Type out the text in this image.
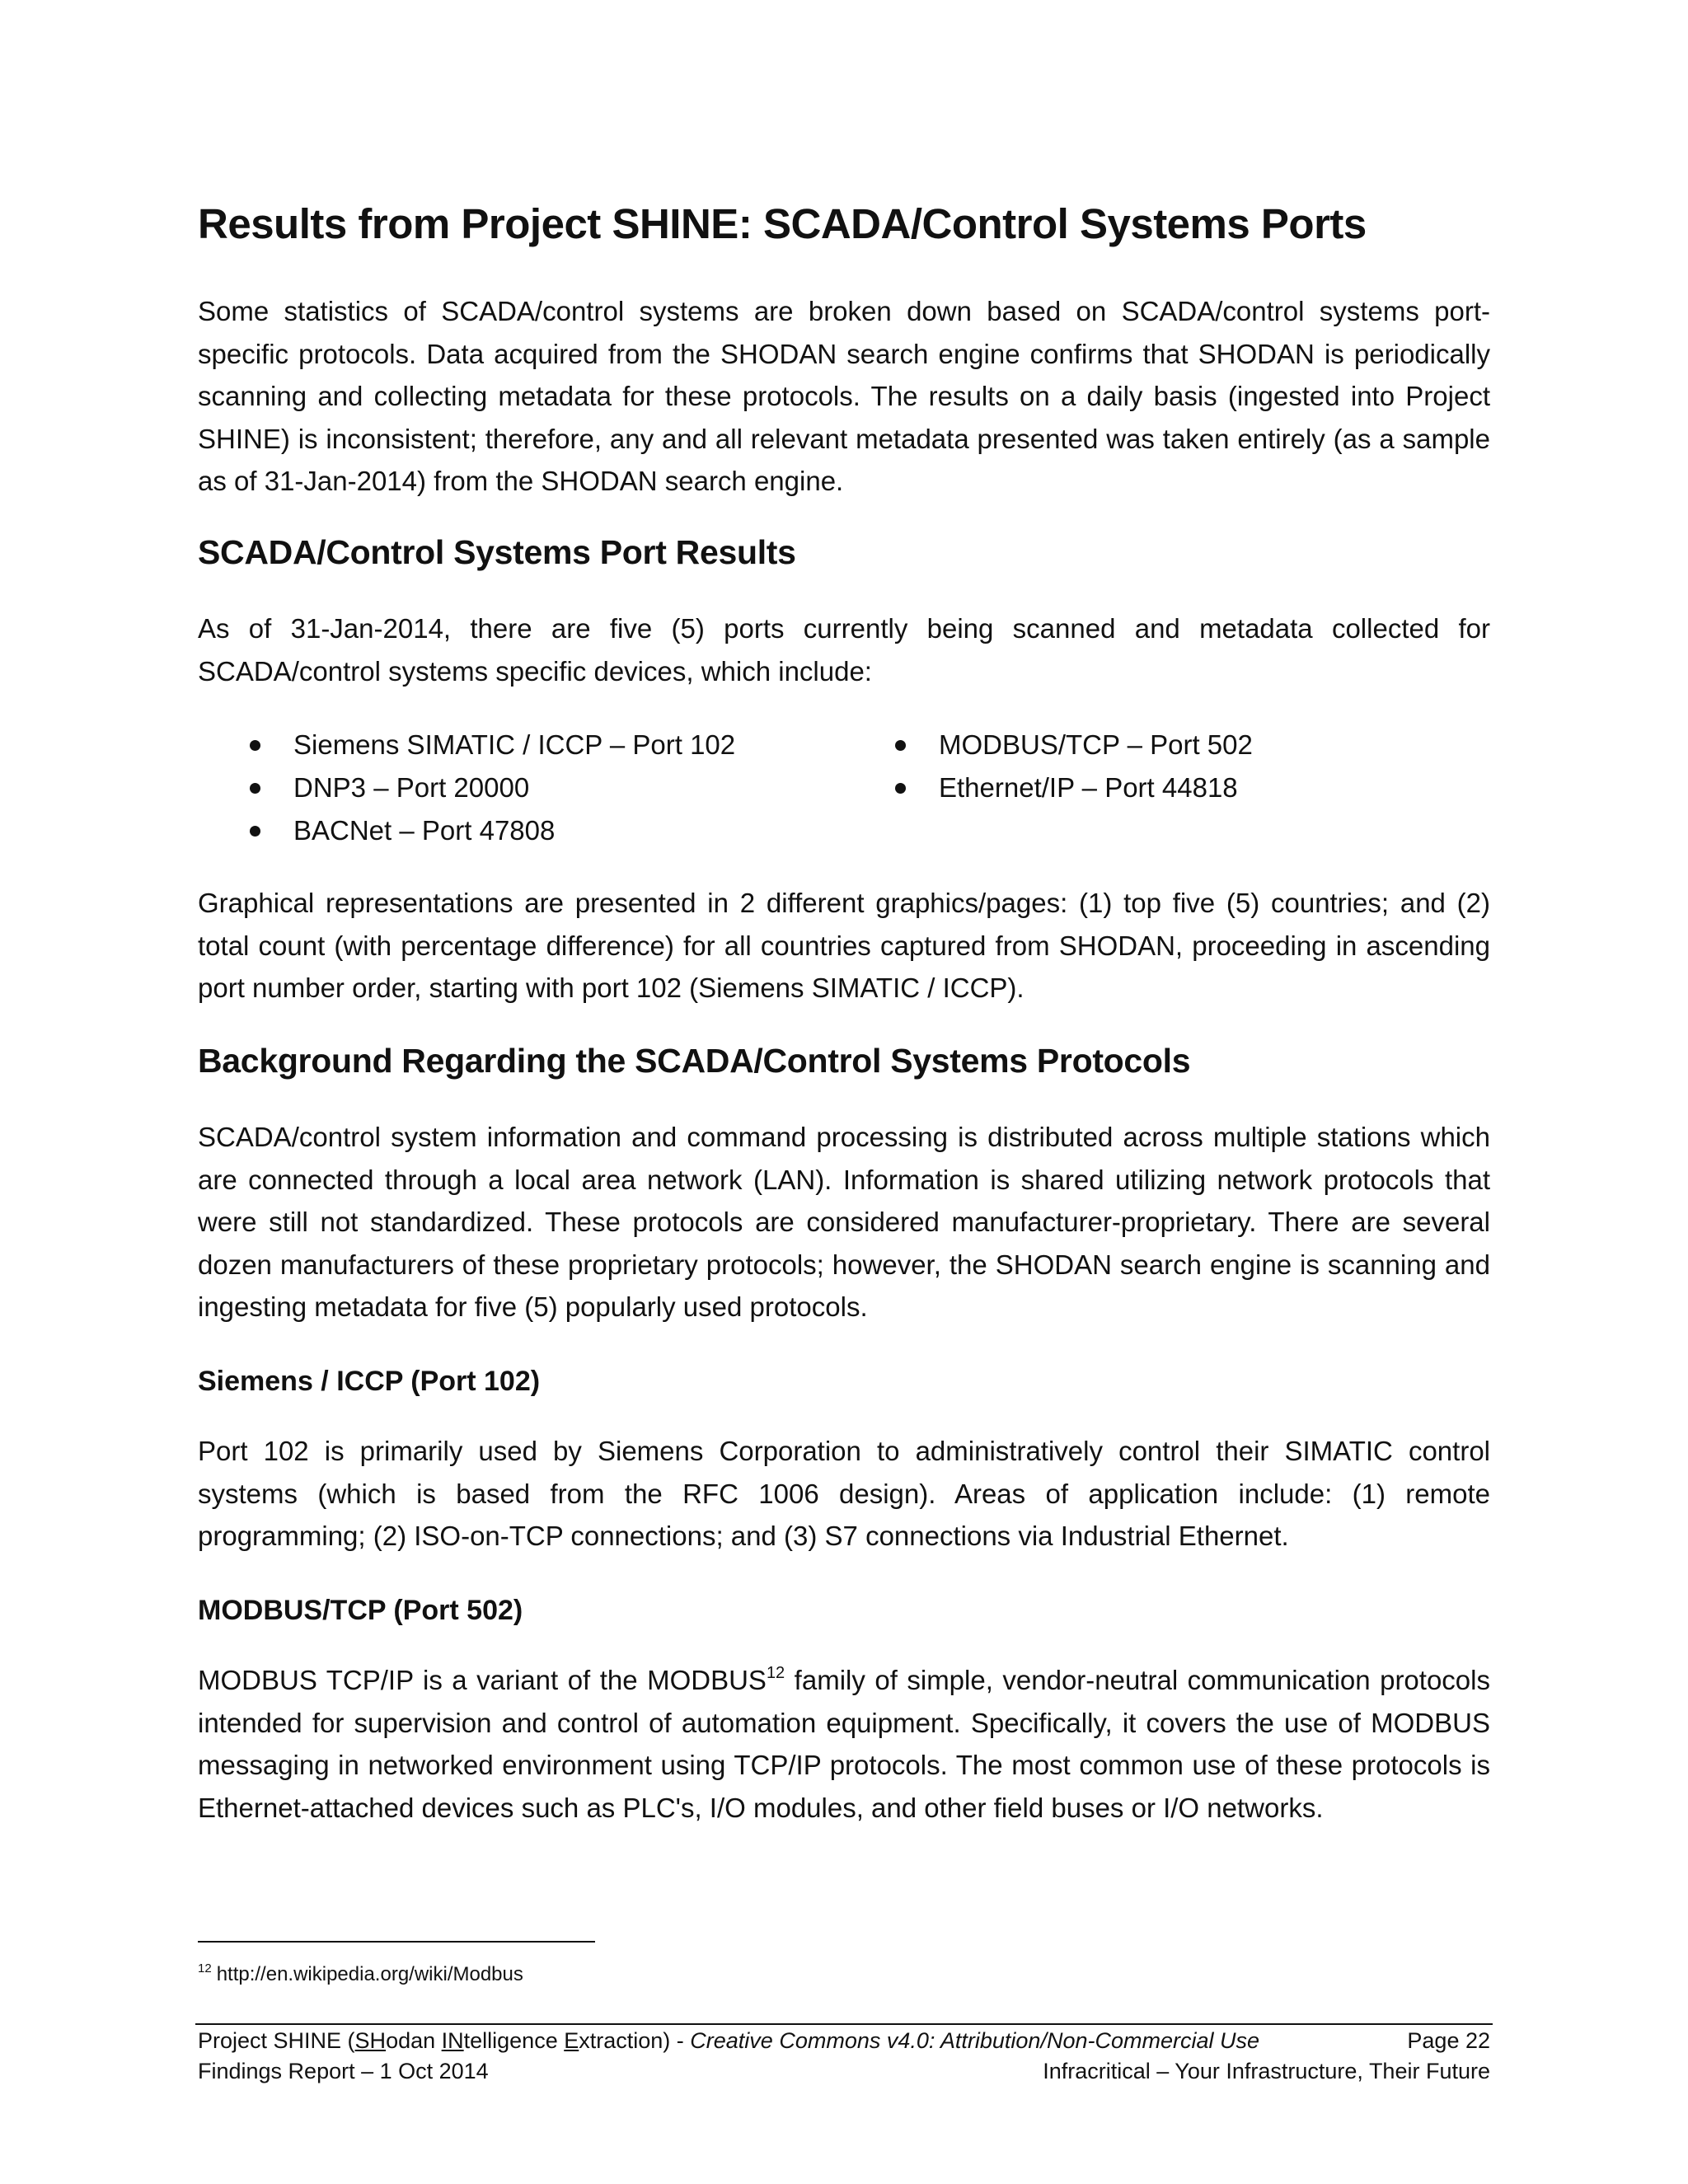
Results from Project SHINE: SCADA/Control Systems Ports

Some statistics of SCADA/control systems are broken down based on SCADA/control systems port-specific protocols. Data acquired from the SHODAN search engine confirms that SHODAN is periodically scanning and collecting metadata for these protocols. The results on a daily basis (ingested into Project SHINE) is inconsistent; therefore, any and all relevant metadata presented was taken entirely (as a sample as of 31-Jan-2014) from the SHODAN search engine.

SCADA/Control Systems Port Results

As of 31-Jan-2014, there are five (5) ports currently being scanned and metadata collected for SCADA/control systems specific devices, which include:

Siemens SIMATIC / ICCP – Port 102
DNP3 – Port 20000
BACNet – Port 47808
MODBUS/TCP – Port 502
Ethernet/IP – Port 44818

Graphical representations are presented in 2 different graphics/pages: (1) top five (5) countries; and (2) total count (with percentage difference) for all countries captured from SHODAN, proceeding in ascending port number order, starting with port 102 (Siemens SIMATIC / ICCP).

Background Regarding the SCADA/Control Systems Protocols

SCADA/control system information and command processing is distributed across multiple stations which are connected through a local area network (LAN). Information is shared utilizing network protocols that were still not standardized. These protocols are considered manufacturer-proprietary. There are several dozen manufacturers of these proprietary protocols; however, the SHODAN search engine is scanning and ingesting metadata for five (5) popularly used protocols.

Siemens / ICCP (Port 102)

Port 102 is primarily used by Siemens Corporation to administratively control their SIMATIC control systems (which is based from the RFC 1006 design). Areas of application include: (1) remote programming; (2) ISO-on-TCP connections; and (3) S7 connections via Industrial Ethernet.

MODBUS/TCP (Port 502)

MODBUS TCP/IP is a variant of the MODBUS$^{12}$ family of simple, vendor-neutral communication protocols intended for supervision and control of automation equipment. Specifically, it covers the use of MODBUS messaging in networked environment using TCP/IP protocols. The most common use of these protocols is Ethernet-attached devices such as PLC's, I/O modules, and other field buses or I/O networks.

$^{12}$ http://en.wikipedia.org/wiki/Modbus
Project SHINE (SHodan INtelligence Extraction) - Creative Commons v4.0: Attribution/Non-Commercial Use	Page 22
Findings Report – 1 Oct 2014	Infracritical – Your Infrastructure, Their Future
